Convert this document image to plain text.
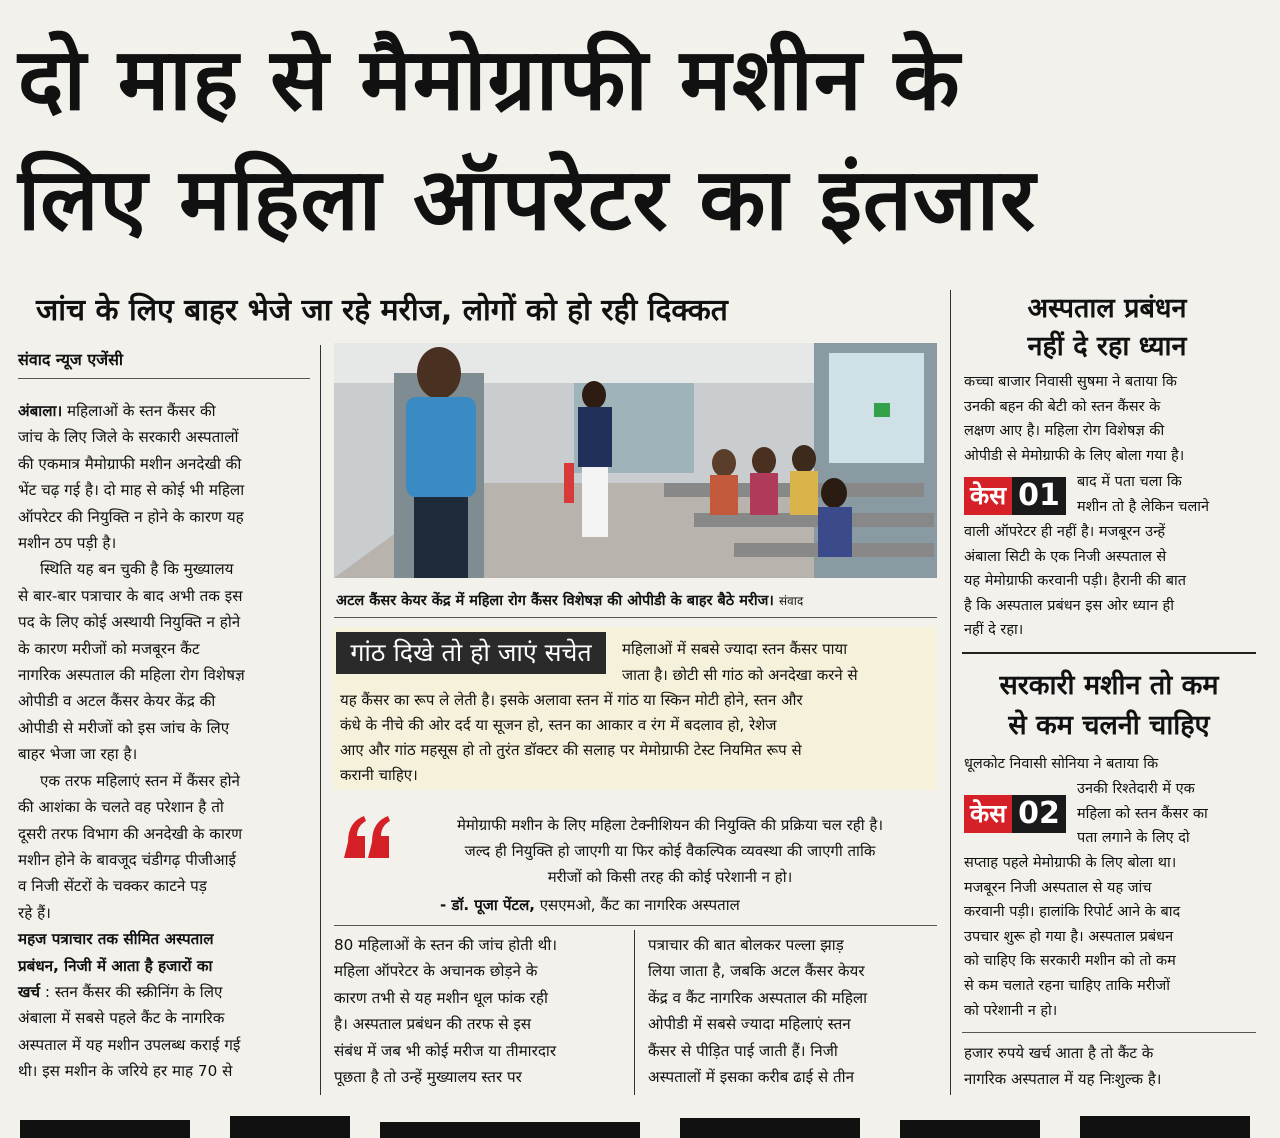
दो माह से मैमोग्राफी मशीन के
लिए महिला ऑपरेटर का इंतजार
जांच के लिए बाहर भेजे जा रहे मरीज, लोगों को हो रही दिक्कत
संवाद न्यूज एजेंसी

अंबाला। महिलाओं के स्तन कैंसर की

जांच के लिए जिले के सरकारी अस्पतालों

की एकमात्र मैमोग्राफी मशीन अनदेखी की

भेंट चढ़ गई है। दो माह से कोई भी महिला

ऑपरेटर की नियुक्ति न होने के कारण यह

मशीन ठप पड़ी है।

स्थिति यह बन चुकी है कि मुख्यालय

से बार-बार पत्राचार के बाद अभी तक इस

पद के लिए कोई अस्थायी नियुक्ति न होने

के कारण मरीजों को मजबूरन कैंट

नागरिक अस्पताल की महिला रोग विशेषज्ञ

ओपीडी व अटल कैंसर केयर केंद्र की

ओपीडी से मरीजों को इस जांच के लिए

बाहर भेजा जा रहा है।

एक तरफ महिलाएं स्तन में कैंसर होने

की आशंका के चलते वह परेशान है तो

दूसरी तरफ विभाग की अनदेखी के कारण

मशीन होने के बावजूद चंडीगढ़ पीजीआई

व निजी सेंटरों के चक्कर काटने पड़

रहे हैं।

महज पत्राचार तक सीमित अस्पताल

प्रबंधन, निजी में आता है हजारों का

खर्च : स्तन कैंसर की स्क्रीनिंग के लिए

अंबाला में सबसे पहले कैंट के नागरिक

अस्पताल में यह मशीन उपलब्ध कराई गई

थी। इस मशीन के जरिये हर माह 70 से

अटल कैंसर केयर केंद्र में महिला रोग कैंसर विशेषज्ञ की ओपीडी के बाहर बैठे मरीज। संवाद
गांठ दिखे तो हो जाएं सचेत	महिलाओं में सबसे ज्यादा स्तन कैंसर पाया

जाता है। छोटी सी गांठ को अनदेखा करने से

यह कैंसर का रूप ले लेती है। इसके अलावा स्तन में गांठ या स्किन मोटी होने, स्तन और

कंधे के नीचे की ओर दर्द या सूजन हो, स्तन का आकार व रंग में बदलाव हो, रेशेज

आए और गांठ महसूस हो तो तुरंत डॉक्टर की सलाह पर मेमोग्राफी टेस्ट नियमित रूप से

करानी चाहिए।

मेमोग्राफी मशीन के लिए महिला टेक्नीशियन की नियुक्ति की प्रक्रिया चल रही है।
जल्द ही नियुक्ति हो जाएगी या फिर कोई वैकल्पिक व्यवस्था की जाएगी ताकि
मरीजों को किसी तरह की कोई परेशानी न हो।
- डॉ. पूजा पेंटल, एसएमओ, कैंट का नागरिक अस्पताल

80 महिलाओं के स्तन की जांच होती थी।

महिला ऑपरेटर के अचानक छोड़ने के

कारण तभी से यह मशीन धूल फांक रही

है। अस्पताल प्रबंधन की तरफ से इस

संबंध में जब भी कोई मरीज या तीमारदार

पूछता है तो उन्हें मुख्यालय स्तर पर

पत्राचार की बात बोलकर पल्ला झाड़

लिया जाता है, जबकि अटल कैंसर केयर

केंद्र व कैंट नागरिक अस्पताल की महिला

ओपीडी में सबसे ज्यादा महिलाएं स्तन

कैंसर से पीड़ित पाई जाती हैं। निजी

अस्पतालों में इसका करीब ढाई से तीन

अस्पताल प्रबंधन
नहीं दे रहा ध्यान

कच्चा बाजार निवासी सुषमा ने बताया कि

उनकी बहन की बेटी को स्तन कैंसर के

लक्षण आए है। महिला रोग विशेषज्ञ की

ओपीडी से मेमोग्राफी के लिए बोला गया है।

केस 01	बाद में पता चला कि

मशीन तो है लेकिन चलाने

वाली ऑपरेटर ही नहीं है। मजबूरन उन्हें

अंबाला सिटी के एक निजी अस्पताल से

यह मेमोग्राफी करवानी पड़ी। हैरानी की बात

है कि अस्पताल प्रबंधन इस ओर ध्यान ही

नहीं दे रहा।

सरकारी मशीन तो कम
से कम चलनी चाहिए

धूलकोट निवासी सोनिया ने बताया कि

केस 02

उनकी रिश्तेदारी में एक

महिला को स्तन कैंसर का

पता लगाने के लिए दो

सप्ताह पहले मेमोग्राफी के लिए बोला था।

मजबूरन निजी अस्पताल से यह जांच

करवानी पड़ी। हालांकि रिपोर्ट आने के बाद

उपचार शुरू हो गया है। अस्पताल प्रबंधन

को चाहिए कि सरकारी मशीन को तो कम

से कम चलाते रहना चाहिए ताकि मरीजों

को परेशानी न हो।

हजार रुपये खर्च आता है तो कैंट के

नागरिक अस्पताल में यह निःशुल्क है।
